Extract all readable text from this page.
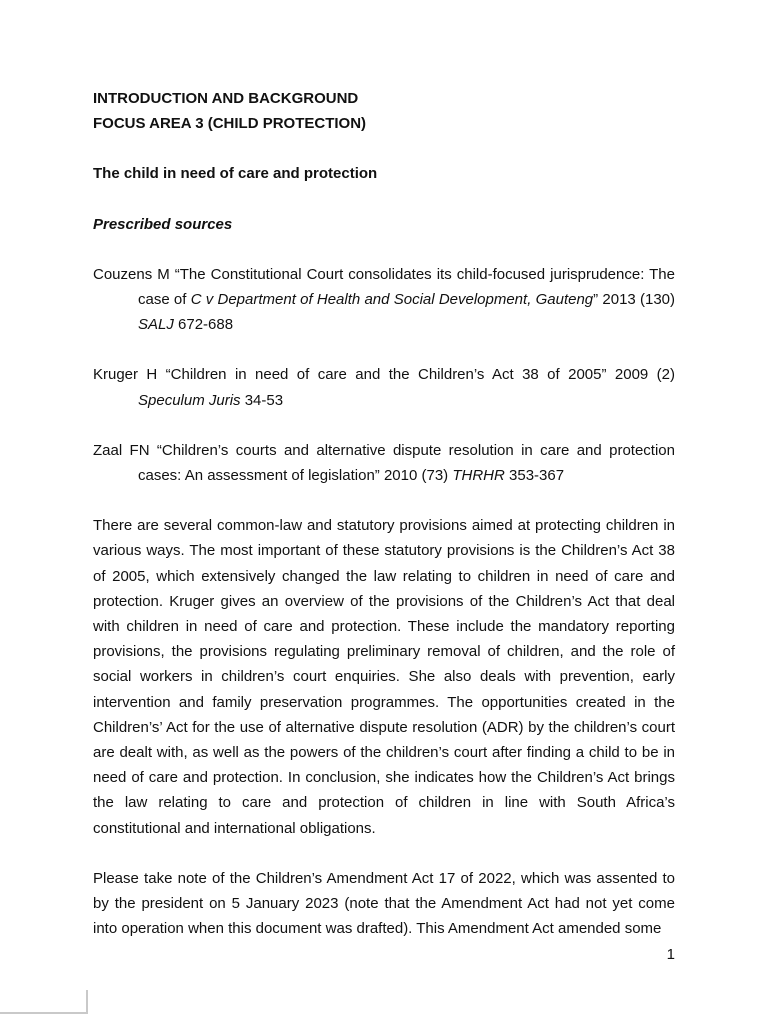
INTRODUCTION AND BACKGROUND

FOCUS AREA 3 (CHILD PROTECTION)

The child in need of care and protection

Prescribed sources

Couzens M “The Constitutional Court consolidates its child-focused jurisprudence: The case of C v Department of Health and Social Development, Gauteng” 2013 (130) SALJ 672-688

Kruger H “Children in need of care and the Children’s Act 38 of 2005” 2009 (2) Speculum Juris 34-53

Zaal FN “Children’s courts and alternative dispute resolution in care and protection cases: An assessment of legislation” 2010 (73) THRHR 353-367

There are several common-law and statutory provisions aimed at protecting children in various ways. The most important of these statutory provisions is the Children’s Act 38 of 2005, which extensively changed the law relating to children in need of care and protection. Kruger gives an overview of the provisions of the Children’s Act that deal with children in need of care and protection. These include the mandatory reporting provisions, the provisions regulating preliminary removal of children, and the role of social workers in children’s court enquiries. She also deals with prevention, early intervention and family preservation programmes. The opportunities created in the Children’s’ Act for the use of alternative dispute resolution (ADR) by the children’s court are dealt with, as well as the powers of the children’s court after finding a child to be in need of care and protection. In conclusion, she indicates how the Children’s Act brings the law relating to care and protection of children in line with South Africa’s constitutional and international obligations.

Please take note of the Children’s Amendment Act 17 of 2022, which was assented to by the president on 5 January 2023 (note that the Amendment Act had not yet come into operation when this document was drafted). This Amendment Act amended some

1
